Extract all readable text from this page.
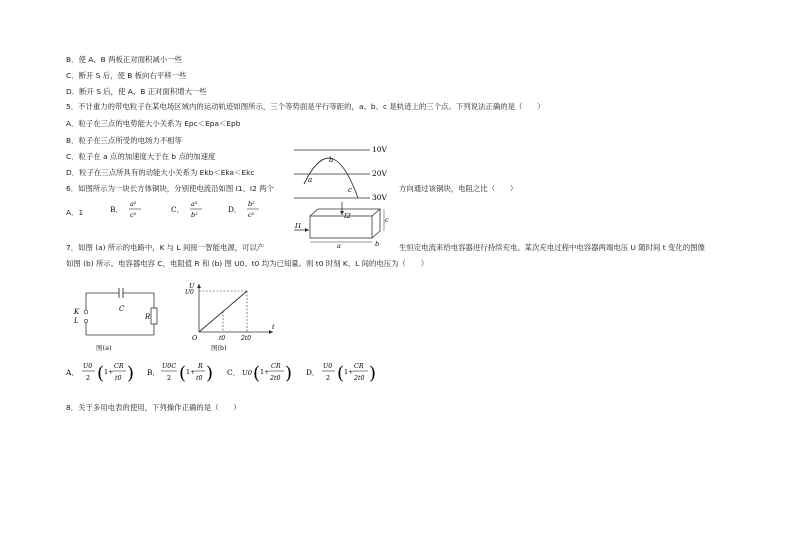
B．使 A、B 两板正对面积减小一些
C．断开 S 后，使 B 板向右平移一些
D．断开 S 后，使 A、B 正对面积增大一些
5．不计重力的带电粒子在某电场区域内的运动轨迹如图所示，三个等势面是平行等距的，a、b、c 是轨迹上的三个点。下列说法正确的是（　　）
A．粒子在三点的电势能大小关系为 Epc＜Epa＜Epb
B．粒子在三点所受的电场力不相等
C．粒子在 a 点的加速度大于在 b 点的加速度
D．粒子在三点所具有的动能大小关系为 Ekb＜Eka＜Ekc
10V
20V
30V
a
b
c
6．如图所示为一块长方体铜块，分别使电流沿如图 I1、I2 两个	方向通过该铜块，电阻之比（　　）
A．1	B．
a²
c²
C．
a²
b²
D．
b²
c²
I1
I2
a	b
c
7．如图 (a) 所示的电路中，K 与 L 间接一智能电源，可以产	生恒定电流来给电容器进行持续充电。某次充电过程中电容器两端电压 U 随时间 t 变化的图像
如图 (b) 所示。电容器电容 C，电阻值 R 和 (b) 图 U0、t0 均为已知量。则 t0 时刻 K、L 间的电压为（　　）
C
R
K
L
图(a)
U
U0
O	t0	2t0
t
图(b)
A．
U0
2 ( 1+
CR
t0 ) B．
U0C
2 ( 1+
R
t0 ) C． U0 ( 1+
CR
2t0 ) D．
U0
2 ( 1+
CR
2t0 )
8．关于多用电表的使用，下列操作正确的是（　　）
